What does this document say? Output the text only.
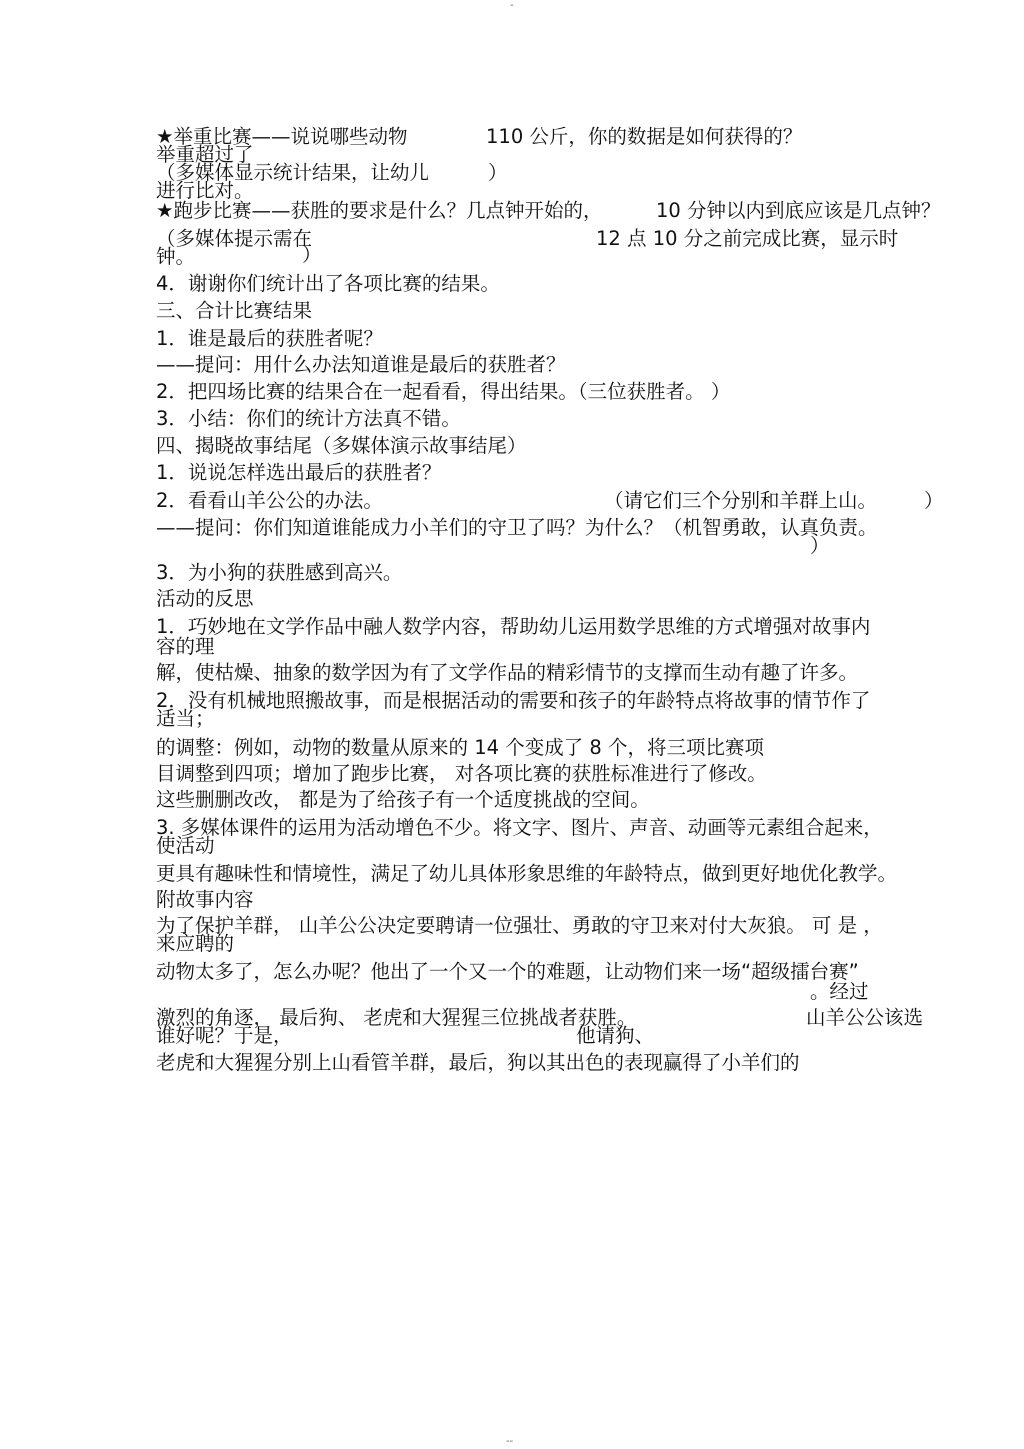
-
★举重比赛——说说哪些动物	110 公斤，你的数据是如何获得的？
举重超过了
（多媒体显示统计结果，让幼儿	）
进行比对。
★跑步比赛——获胜的要求是什么？几点钟开始的，	10 分钟以内到底应该是几点钟？
（多媒体提示需在	12 点 10 分之前完成比赛，显示时
钟。	）
4．谢谢你们统计出了各项比赛的结果。
三、合计比赛结果
1．谁是最后的获胜者呢？
——提问：用什么办法知道谁是最后的获胜者？
2．把四场比赛的结果合在一起看看，得出结果。（三位获胜者。 ）
3．小结：你们的统计方法真不错。
四、揭晓故事结尾（多媒体演示故事结尾）
1．说说怎样选出最后的获胜者？
2．看看山羊公公的办法。	（请它们三个分别和羊群上山。 ）
——提问：你们知道谁能成力小羊们的守卫了吗？为什么？（机智勇敢，认真负责。
）
3．为小狗的获胜感到高兴。
活动的反思
1．巧妙地在文学作品中融人数学内容，帮助幼儿运用数学思维的方式增强对故事内
容的理
解，使枯燥、抽象的数学因为有了文学作品的精彩情节的支撑而生动有趣了许多。
2．没有机械地照搬故事，而是根据活动的需要和孩子的年龄特点将故事的情节作了
适当；
的调整：例如，动物的数量从原来的 14 个变成了 8 个，将三项比赛项
目调整到四项；增加了跑步比赛， 对各项比赛的获胜标准进行了修改。
这些删删改改， 都是为了给孩子有一个适度挑战的空间。
3. 多媒体课件的运用为活动增色不少。将文字、图片、声音、动画等元素组合起来，
使活动
更具有趣味性和情境性，满足了幼儿具体形象思维的年龄特点，做到更好地优化教学。
附故事内容
为了保护羊群， 山羊公公决定要聘请一位强壮、勇敢的守卫来对付大灰狼。 可 是 ，
来应聘的
动物太多了，怎么办呢？他出了一个又一个的难题，让动物们来一场“超级擂台赛”
。经过
激烈的角逐， 最后狗、 老虎和大猩猩三位挑战者获胜。	山羊公公该选
谁好呢？于是，	他请狗、
老虎和大猩猩分别上山看管羊群，最后，狗以其出色的表现赢得了小羊们的
--
